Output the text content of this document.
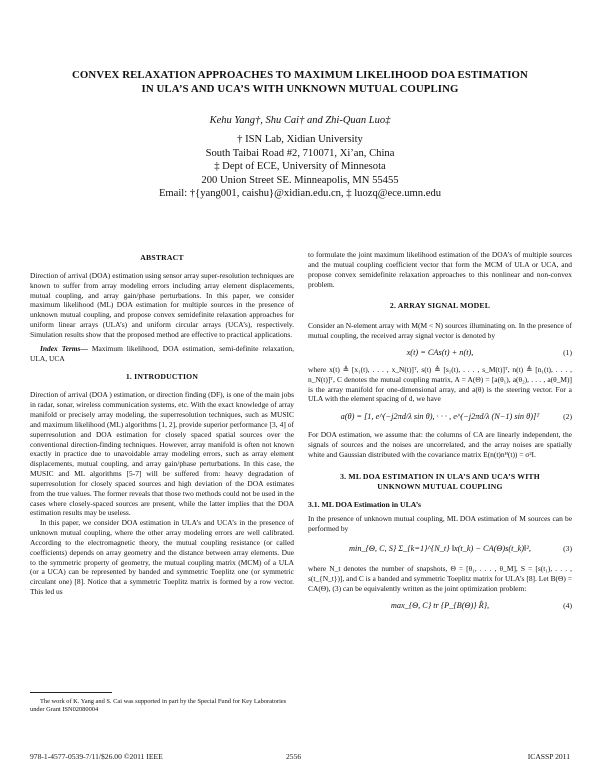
CONVEX RELAXATION APPROACHES TO MAXIMUM LIKELIHOOD DOA ESTIMATION
IN ULA’S AND UCA’S WITH UNKNOWN MUTUAL COUPLING
Kehu Yang†, Shu Cai† and Zhi-Quan Luo‡
† ISN Lab, Xidian University
South Taibai Road #2, 710071, Xi’an, China
‡ Dept of ECE, University of Minnesota
200 Union Street SE. Minneapolis, MN 55455
Email: †{yang001, caishu}@xidian.edu.cn, ‡ luozq@ece.umn.edu
ABSTRACT

Direction of arrival (DOA) estimation using sensor array super-resolution techniques are known to suffer from array modeling errors including array element displacements, mutual coupling, and array gain/phase perturbations. In this paper, we consider maximum likelihood (ML) DOA estimation for multiple sources in the presence of unknown mutual coupling, and propose convex semidefinite relaxation approaches for uniform linear arrays (ULA’s) and uniform circular arrays (UCA’s), respectively. Simulation results show that the proposed method are effective to practical applications.

Index Terms— Maximum likelihood, DOA estimation, semi-definite relaxation, ULA, UCA

1. INTRODUCTION

Direction of arrival (DOA ) estimation, or direction finding (DF), is one of the main jobs in radar, sonar, wireless communication systems, etc. With the exact knowledge of array manifold or precisely array modeling, the superresolution techniques, such as MUSIC and maximum likelihood (ML) algorithms [1, 2], provide superior performance [3, 4] of superresolution and DOA estimation for closely spaced spatial sources over the conventional direction-finding techniques. However, array manifold is often not known exactly in practice due to unavoidable array modeling errors, such as array element displacements, mutual coupling, and array gain/phase perturbations. In this case, the MUSIC and ML algorithms [5-7] will be suffered from: heavy degradation of superresolution for closely spaced sources and high deviation of the DOA estimates from the true values. The former reveals that those two methods could not be used in the cases where closely-spaced sources are present, while the latter implies that the DOA estimation results may be useless.

In this paper, we consider DOA estimation in ULA’s and UCA’s in the presence of unknown mutual coupling, where the other array modeling errors are well calibrated. According to the electromagnetic theory, the mutual coupling resistance (or called coefficients) depends on array geometry and the distance between array elements. Due to the symmetric property of geometry, the mutual coupling matrix (MCM) of a ULA (or a UCA) can be represented by banded and symmetric Toeplitz one (or symmetric circulant one) [8]. Notice that a symmetric Toeplitz matrix is formed by a row vector. This led us

The work of K. Yang and S. Cai was supported in part by the Special Fund for Key Laboratories under Grant ISN02080004

to formulate the joint maximum likelihood estimation of the DOA’s of multiple sources and the mutual coupling coefficient vector that form the MCM of ULA or UCA, and propose convex semidefinite relaxation approaches to this nonlinear and non-convex problem.

2. ARRAY SIGNAL MODEL

Consider an N-element array with M(M < N) sources illuminating on. In the presence of mutual coupling, the received array signal vector is denoted by

x(t) = CAs(t) + n(t),	(1)

where x(t) ≜ [x₁(t), . . . , x_N(t)]ᵀ, s(t) ≜ [s₁(t), . . . , s_M(t)]ᵀ, n(t) ≜ [n₁(t), . . . , n_N(t)]ᵀ, C denotes the mutual coupling matrix, A = A(Θ) = [a(θ₁), a(θ₂), . . . , a(θ_M)] is the array manifold for one-dimensional array, and a(θ) is the steering vector. For a ULA with the element spacing of d, we have

a(θ) = [1, e^(−j2πd/λ sin θ), · · · , e^(−j2πd/λ (N−1) sin θ)]ᵀ	(2)

For DOA estimation, we assume that: the columns of CA are linearly independent, the signals of sources and the noises are uncorrelated, and the array noises are spatially white and Gaussian distributed with the covariance matrix E(n(t)nᴴ(t)) = σ²I.

3. ML DOA ESTIMATION IN ULA’S AND UCA’S WITH
UNKNOWN MUTUAL COUPLING
3.1. ML DOA Estimation in ULA’s

In the presence of unknown mutual coupling, ML DOA estimation of M sources can be performed by

min_{Θ, C, S} Σ_{k=1}^{N_t} ‖x(t_k) − CA(Θ)s(t_k)‖²,	(3)

where N_t denotes the number of snapshots, Θ = [θ₁, . . . , θ_M], S = [s(t₁), . . . , s(t_{N_t})], and C is a banded and symmetric Toeplitz matrix for ULA’s [8]. Let B(Θ) = CA(Θ), (3) can be equivalently written as the joint optimization problem:

max_{Θ, C} tr {P_{B(Θ)} R̂},	(4)
978-1-4577-0539-7/11/$26.00 ©2011 IEEE	2556	ICASSP 2011
